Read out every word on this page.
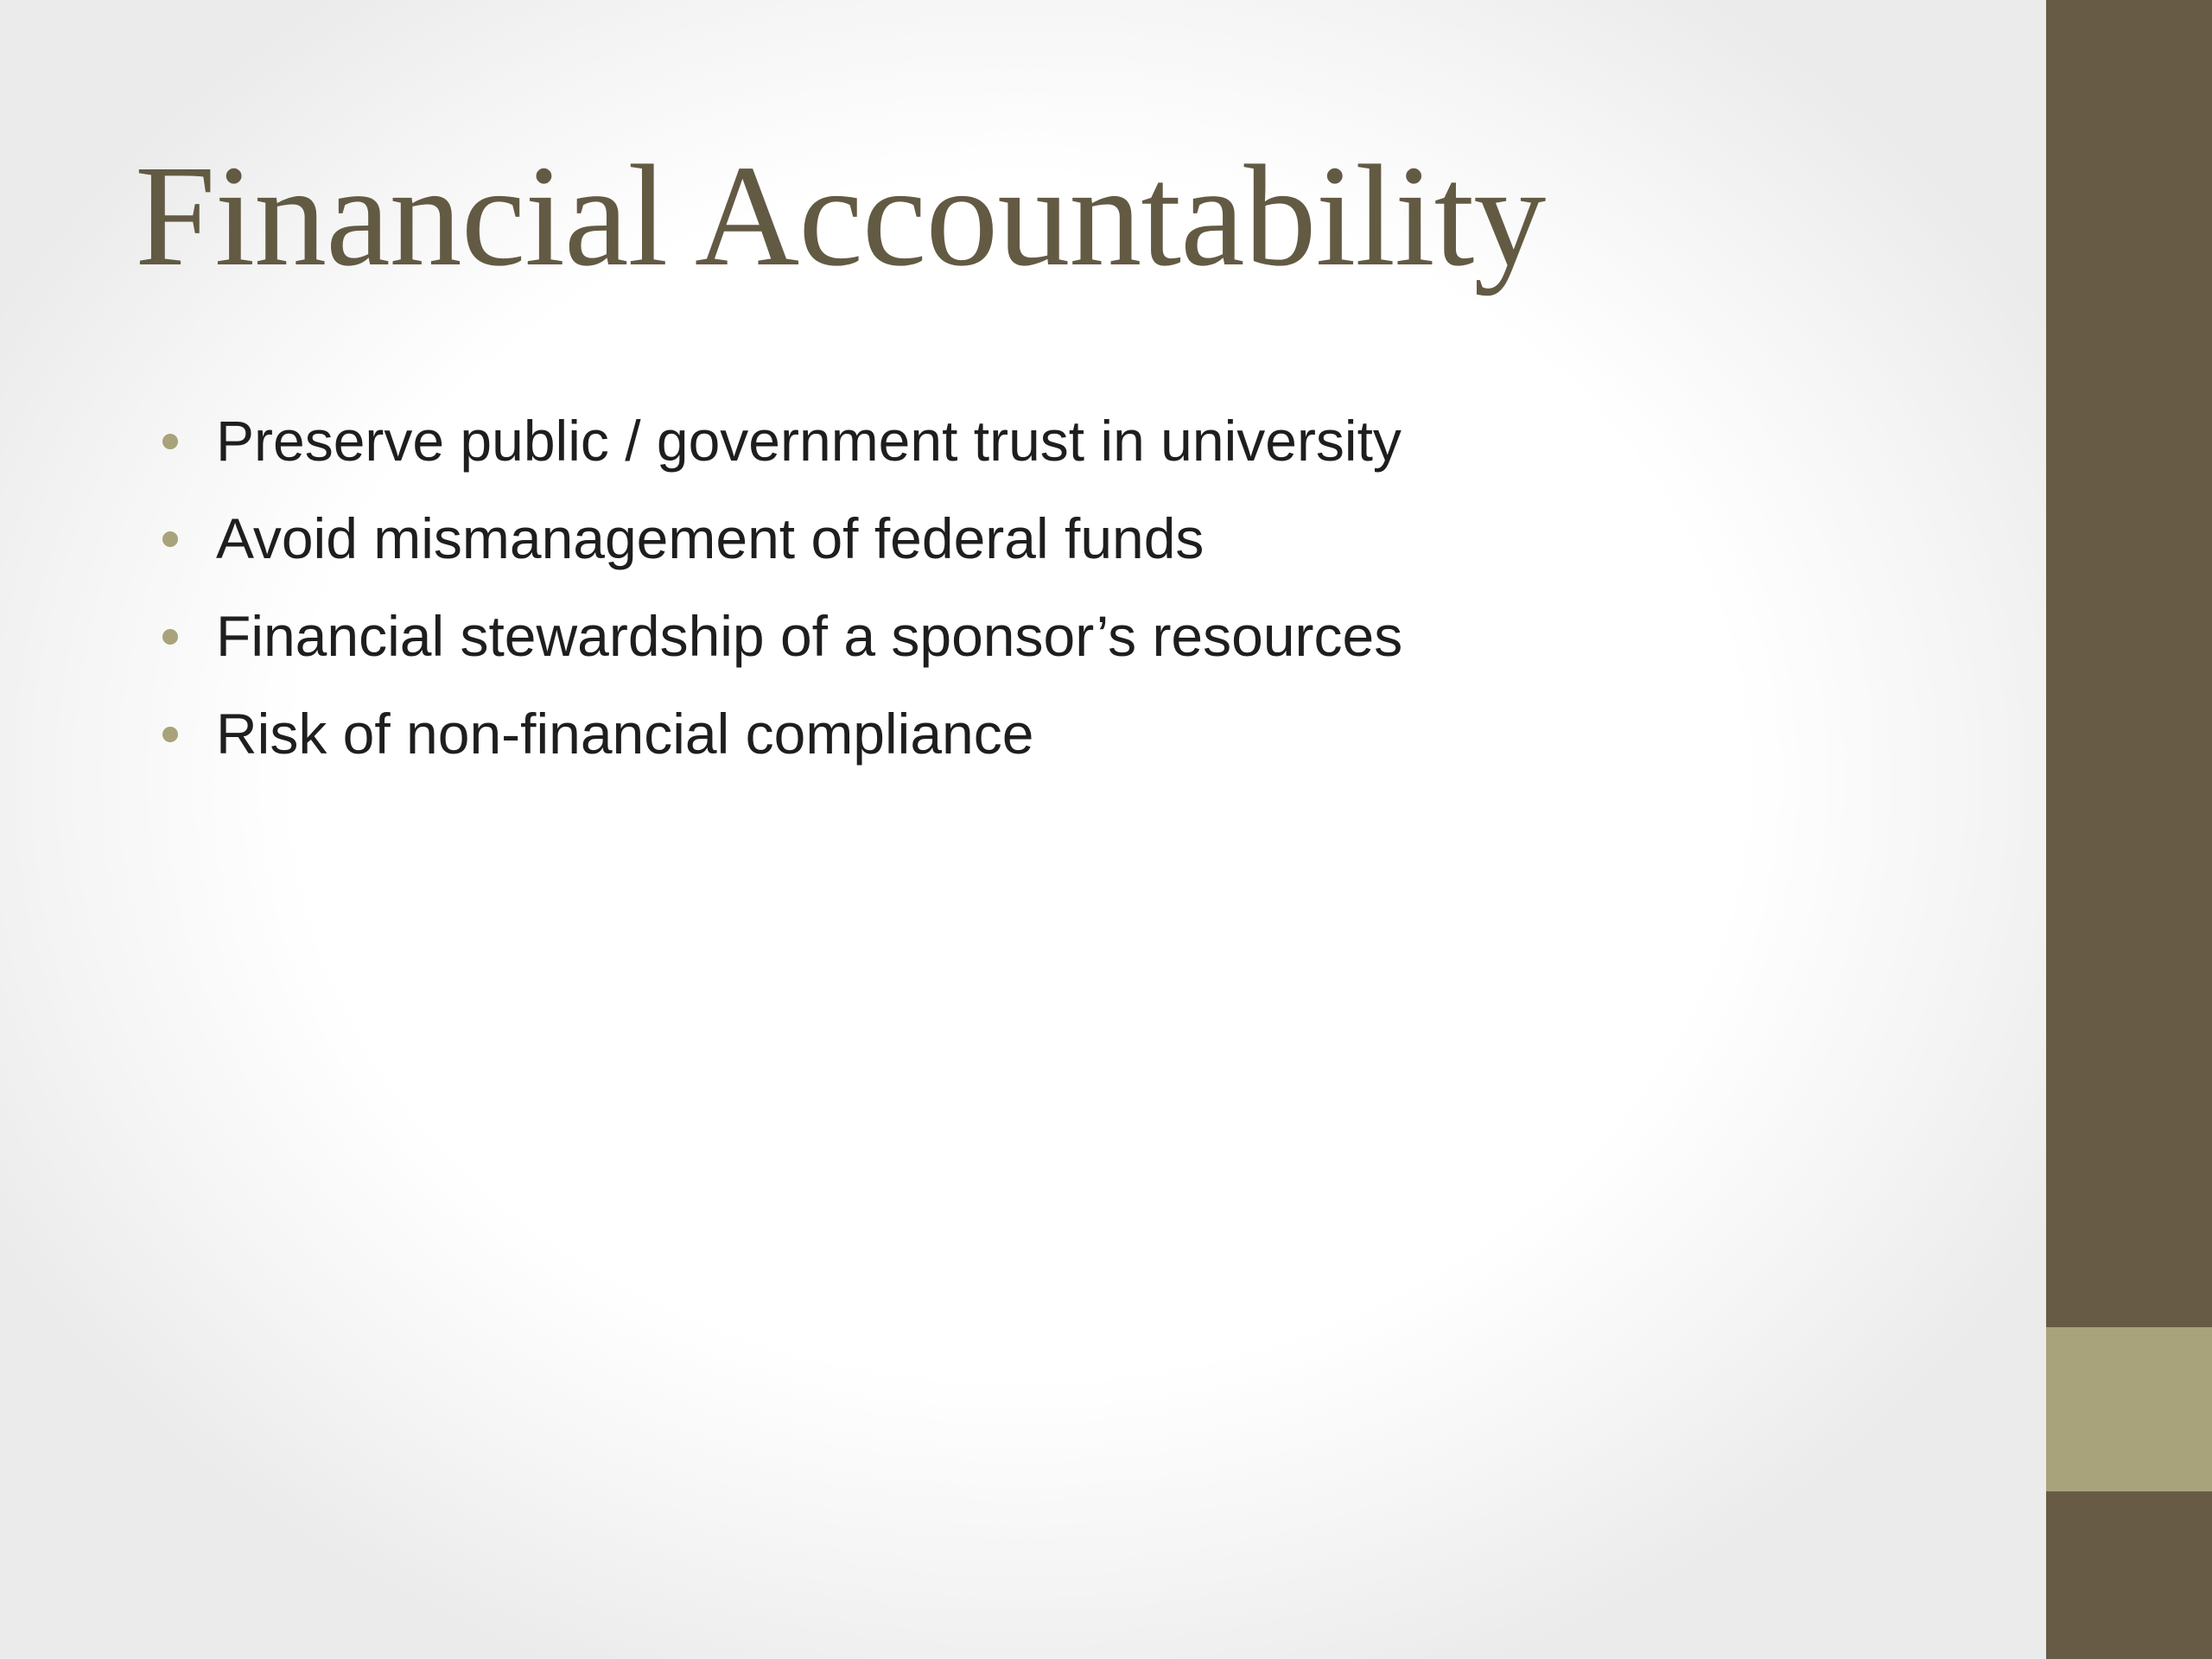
Financial Accountability
Preserve public / government trust in university
Avoid mismanagement of federal funds
Financial stewardship of a sponsor’s resources
Risk of non-financial compliance
